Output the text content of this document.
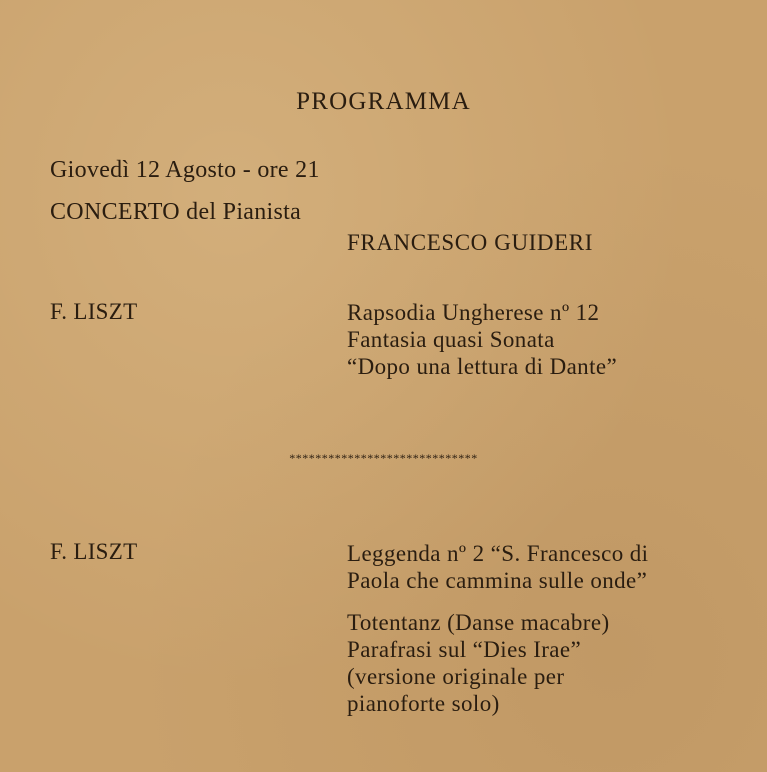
PROGRAMMA
Giovedì 12 Agosto - ore 21
CONCERTO del Pianista
FRANCESCO GUIDERI
F. LISZT	Rapsodia Ungherese nº 12
Fantasia quasi Sonata
“Dopo una lettura di Dante”
*****************************
F. LISZT	Leggenda nº 2 “S. Francesco di
Paola che cammina sulle onde”
Totentanz (Danse macabre)
Parafrasi sul “Dies Irae”
(versione originale per
pianoforte solo)
